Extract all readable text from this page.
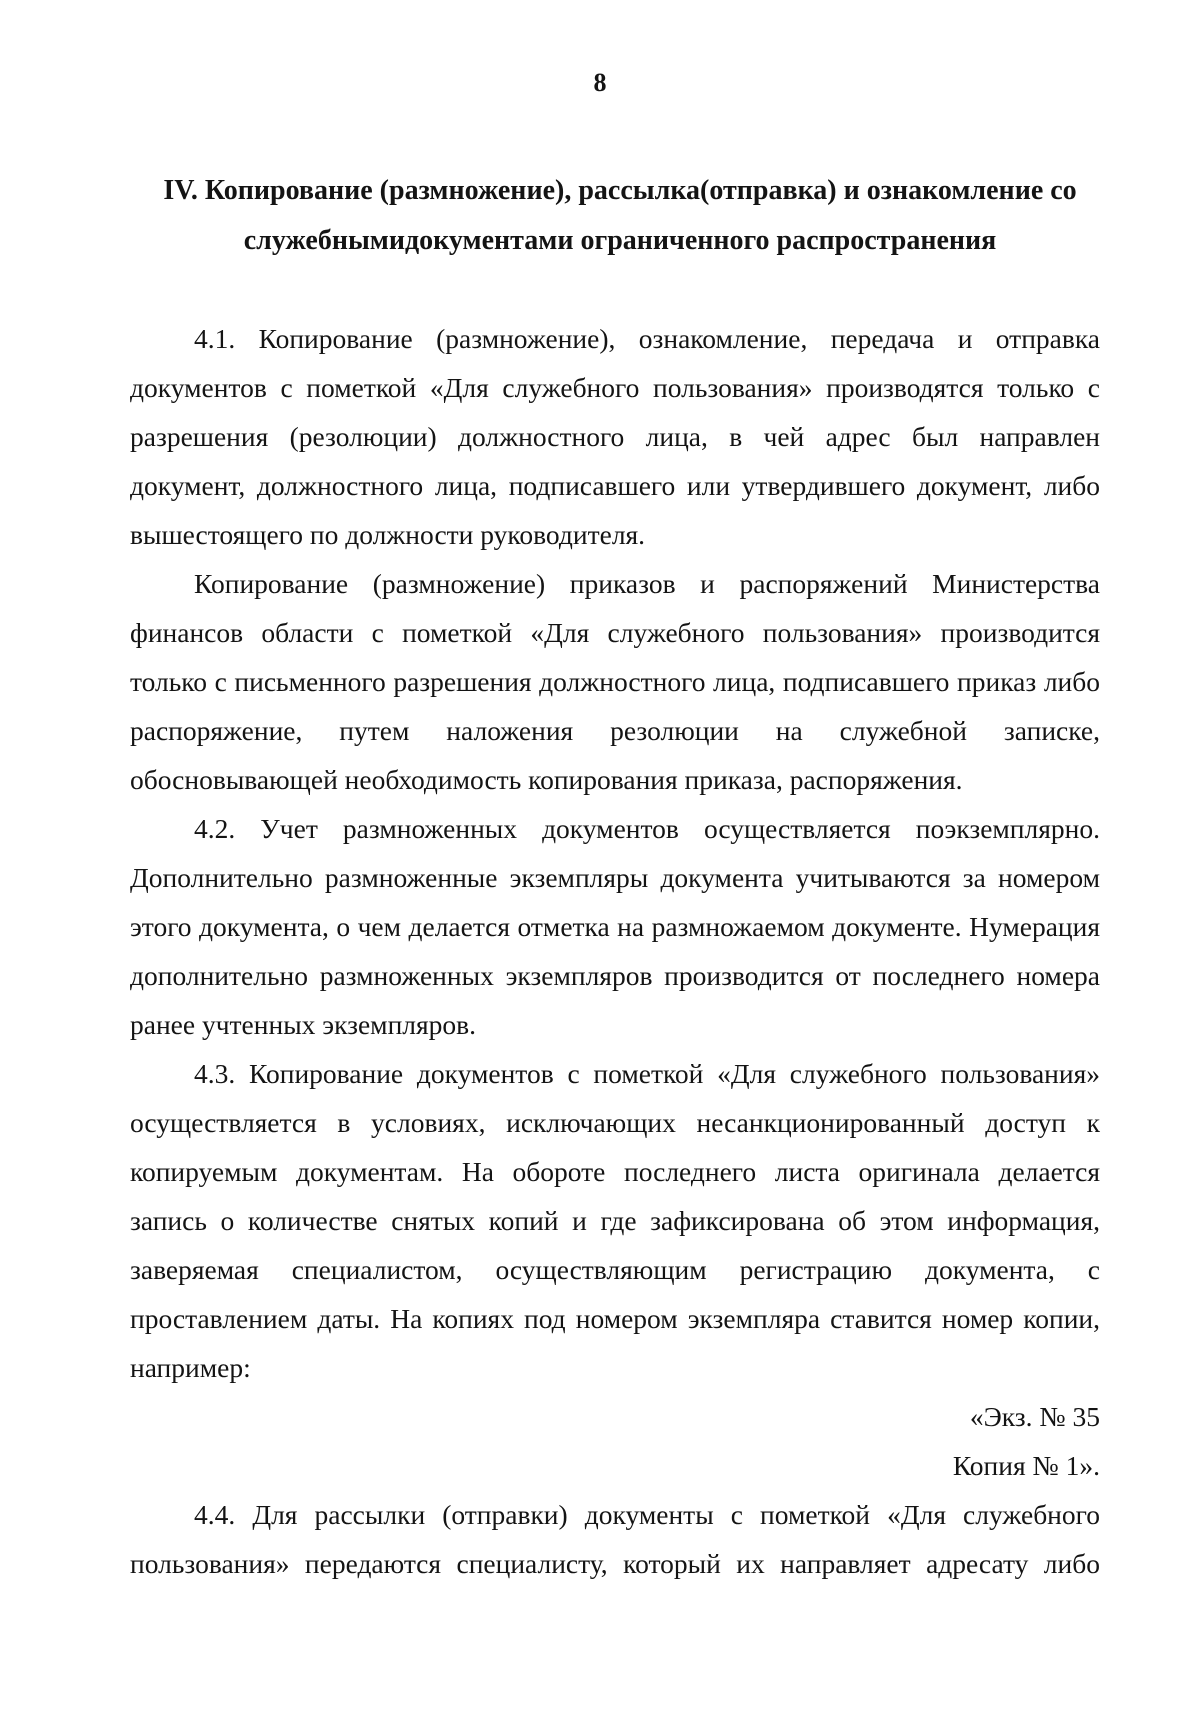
8
IV. Копирование (размножение), рассылка(отправка) и ознакомление со
служебнымидокументами ограниченного распространения

4.1. Копирование (размножение), ознакомление, передача и отправка документов с пометкой «Для служебного пользования» производятся только с разрешения (резолюции) должностного лица, в чей адрес был направлен документ, должностного лица, подписавшего или утвердившего документ, либо вышестоящего по должности руководителя.

Копирование (размножение) приказов и распоряжений Министерства финансов области с пометкой «Для служебного пользования» производится только с письменного разрешения должностного лица, подписавшего приказ либо распоряжение, путем наложения резолюции на служебной записке, обосновывающей необходимость копирования приказа, распоряжения.

4.2. Учет размноженных документов осуществляется поэкземплярно. Дополнительно размноженные экземпляры документа учитываются за номером этого документа, о чем делается отметка на размножаемом документе. Нумерация дополнительно размноженных экземпляров производится от последнего номера ранее учтенных экземпляров.

4.3. Копирование документов с пометкой «Для служебного пользования» осуществляется в условиях, исключающих несанкционированный доступ к копируемым документам. На обороте последнего листа оригинала делается запись о количестве снятых копий и где зафиксирована об этом информация, заверяемая специалистом, осуществляющим регистрацию документа, с проставлением даты. На копиях под номером экземпляра ставится номер копии, например:

«Экз. № 35

Копия № 1».

4.4. Для рассылки (отправки) документы с пометкой «Для служебного пользования» передаются специалисту, который их направляет адресату либо
